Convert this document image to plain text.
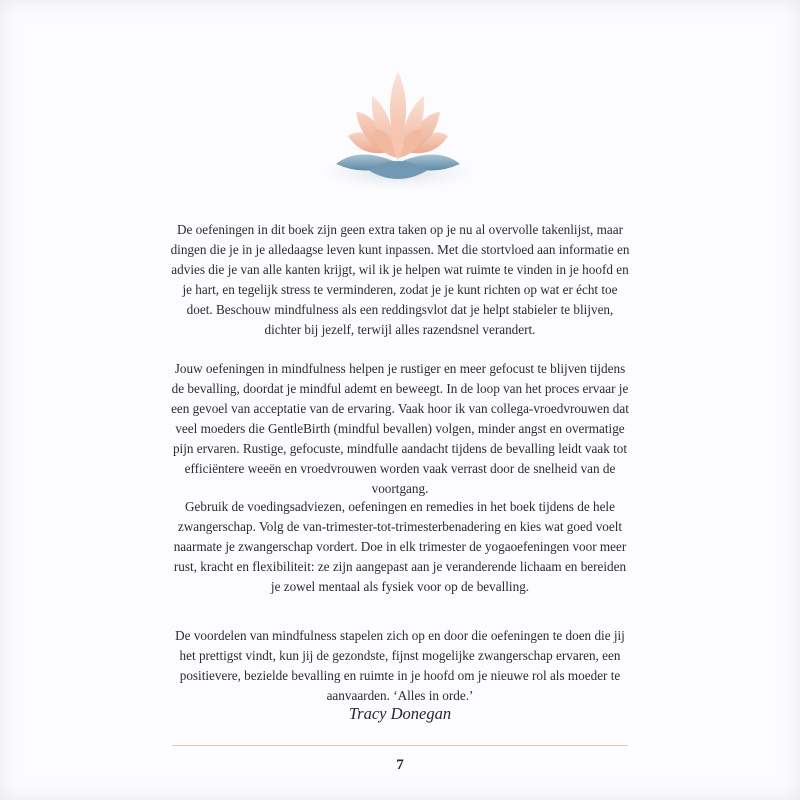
De oefeningen in dit boek zijn geen extra taken op je nu al overvolle takenlijst, maar dingen die je in je alledaagse leven kunt inpassen. Met die stortvloed aan informatie en advies die je van alle kanten krijgt, wil ik je helpen wat ruimte te vinden in je hoofd en je hart, en tegelijk stress te verminderen, zodat je je kunt richten op wat er écht toe doet. Beschouw mindfulness als een reddingsvlot dat je helpt stabieler te blijven, dichter bij jezelf, terwijl alles razendsnel verandert.

Jouw oefeningen in mindfulness helpen je rustiger en meer gefocust te blijven tijdens de bevalling, doordat je mindful ademt en beweegt. In de loop van het proces ervaar je een gevoel van acceptatie van de ervaring. Vaak hoor ik van collega-vroedvrouwen dat veel moeders die GentleBirth (mindful bevallen) volgen, minder angst en overmatige pijn ervaren. Rustige, gefocuste, mindfulle aandacht tijdens de bevalling leidt vaak tot efficiëntere weeën en vroedvrouwen worden vaak verrast door de snelheid van de voortgang.

Gebruik de voedingsadviezen, oefeningen en remedies in het boek tijdens de hele zwangerschap. Volg de van-trimester-tot-trimesterbenadering en kies wat goed voelt naarmate je zwangerschap vordert. Doe in elk trimester de yogaoefeningen voor meer rust, kracht en flexibiliteit: ze zijn aangepast aan je veranderende lichaam en bereiden je zowel mentaal als fysiek voor op de bevalling.

De voordelen van mindfulness stapelen zich op en door die oefeningen te doen die jij het prettigst vindt, kun jij de gezondste, fijnst mogelijke zwangerschap ervaren, een positievere, bezielde bevalling en ruimte in je hoofd om je nieuwe rol als moeder te aanvaarden. ‘Alles in orde.’

Tracy Donegan
7
